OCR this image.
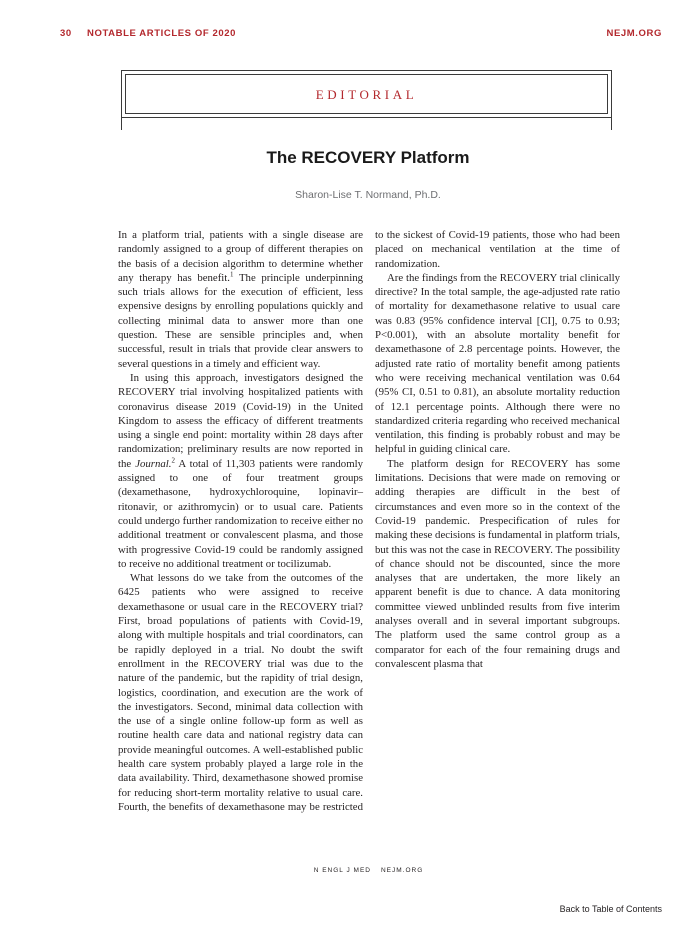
30 NOTABLE ARTICLES OF 2020	NEJM.ORG
EDITORIAL
The RECOVERY Platform
Sharon-Lise T. Normand, Ph.D.

In a platform trial, patients with a single disease are randomly assigned to a group of different therapies on the basis of a decision algorithm to determine whether any therapy has benefit.$^1$ The principle underpinning such trials allows for the execution of efficient, less expensive designs by enrolling populations quickly and collecting minimal data to answer more than one question. These are sensible principles and, when successful, result in trials that provide clear answers to several questions in a timely and efficient way.

In using this approach, investigators designed the RECOVERY trial involving hospitalized patients with coronavirus disease 2019 (Covid-19) in the United Kingdom to assess the efficacy of different treatments using a single end point: mortality within 28 days after randomization; preliminary results are now reported in the Journal.$^2$ A total of 11,303 patients were randomly assigned to one of four treatment groups (dexamethasone, hydroxychloroquine, lopinavir–ritonavir, or azithromycin) or to usual care. Patients could undergo further randomization to receive either no additional treatment or convalescent plasma, and those with progressive Covid-19 could be randomly assigned to receive no additional treatment or tocilizumab.

What lessons do we take from the outcomes of the 6425 patients who were assigned to receive dexamethasone or usual care in the RECOVERY trial? First, broad populations of patients with Covid-19, along with multiple hospitals and trial coordinators, can be rapidly deployed in a trial. No doubt the swift enrollment in the RECOVERY trial was due to the nature of the pandemic, but the rapidity of trial design, logistics, coordination, and execution are the work of the investigators. Second, minimal data collection with the use of a single online follow-up form as well as routine health care data and national registry data can provide meaningful outcomes. A well-established public health care system probably played a large role in the data availability. Third, dexamethasone showed promise for reducing short-term mortality relative to usual care. Fourth, the benefits of dexamethasone may be restricted to the sickest of Covid-19 patients, those who had been placed on mechanical ventilation at the time of randomization.

Are the findings from the RECOVERY trial clinically directive? In the total sample, the age-adjusted rate ratio of mortality for dexamethasone relative to usual care was 0.83 (95% confidence interval [CI], 0.75 to 0.93; P<0.001), with an absolute mortality benefit for dexamethasone of 2.8 percentage points. However, the adjusted rate ratio of mortality benefit among patients who were receiving mechanical ventilation was 0.64 (95% CI, 0.51 to 0.81), an absolute mortality reduction of 12.1 percentage points. Although there were no standardized criteria regarding who received mechanical ventilation, this finding is probably robust and may be helpful in guiding clinical care.

The platform design for RECOVERY has some limitations. Decisions that were made on removing or adding therapies are difficult in the best of circumstances and even more so in the context of the Covid-19 pandemic. Prespecification of rules for making these decisions is fundamental in platform trials, but this was not the case in RECOVERY. The possibility of chance should not be discounted, since the more analyses that are undertaken, the more likely an apparent benefit is due to chance. A data monitoring committee viewed unblinded results from five interim analyses overall and in several important subgroups. The platform used the same control group as a comparator for each of the four remaining drugs and convalescent plasma that

N ENGL J MED NEJM.ORG
Back to Table of Contents
